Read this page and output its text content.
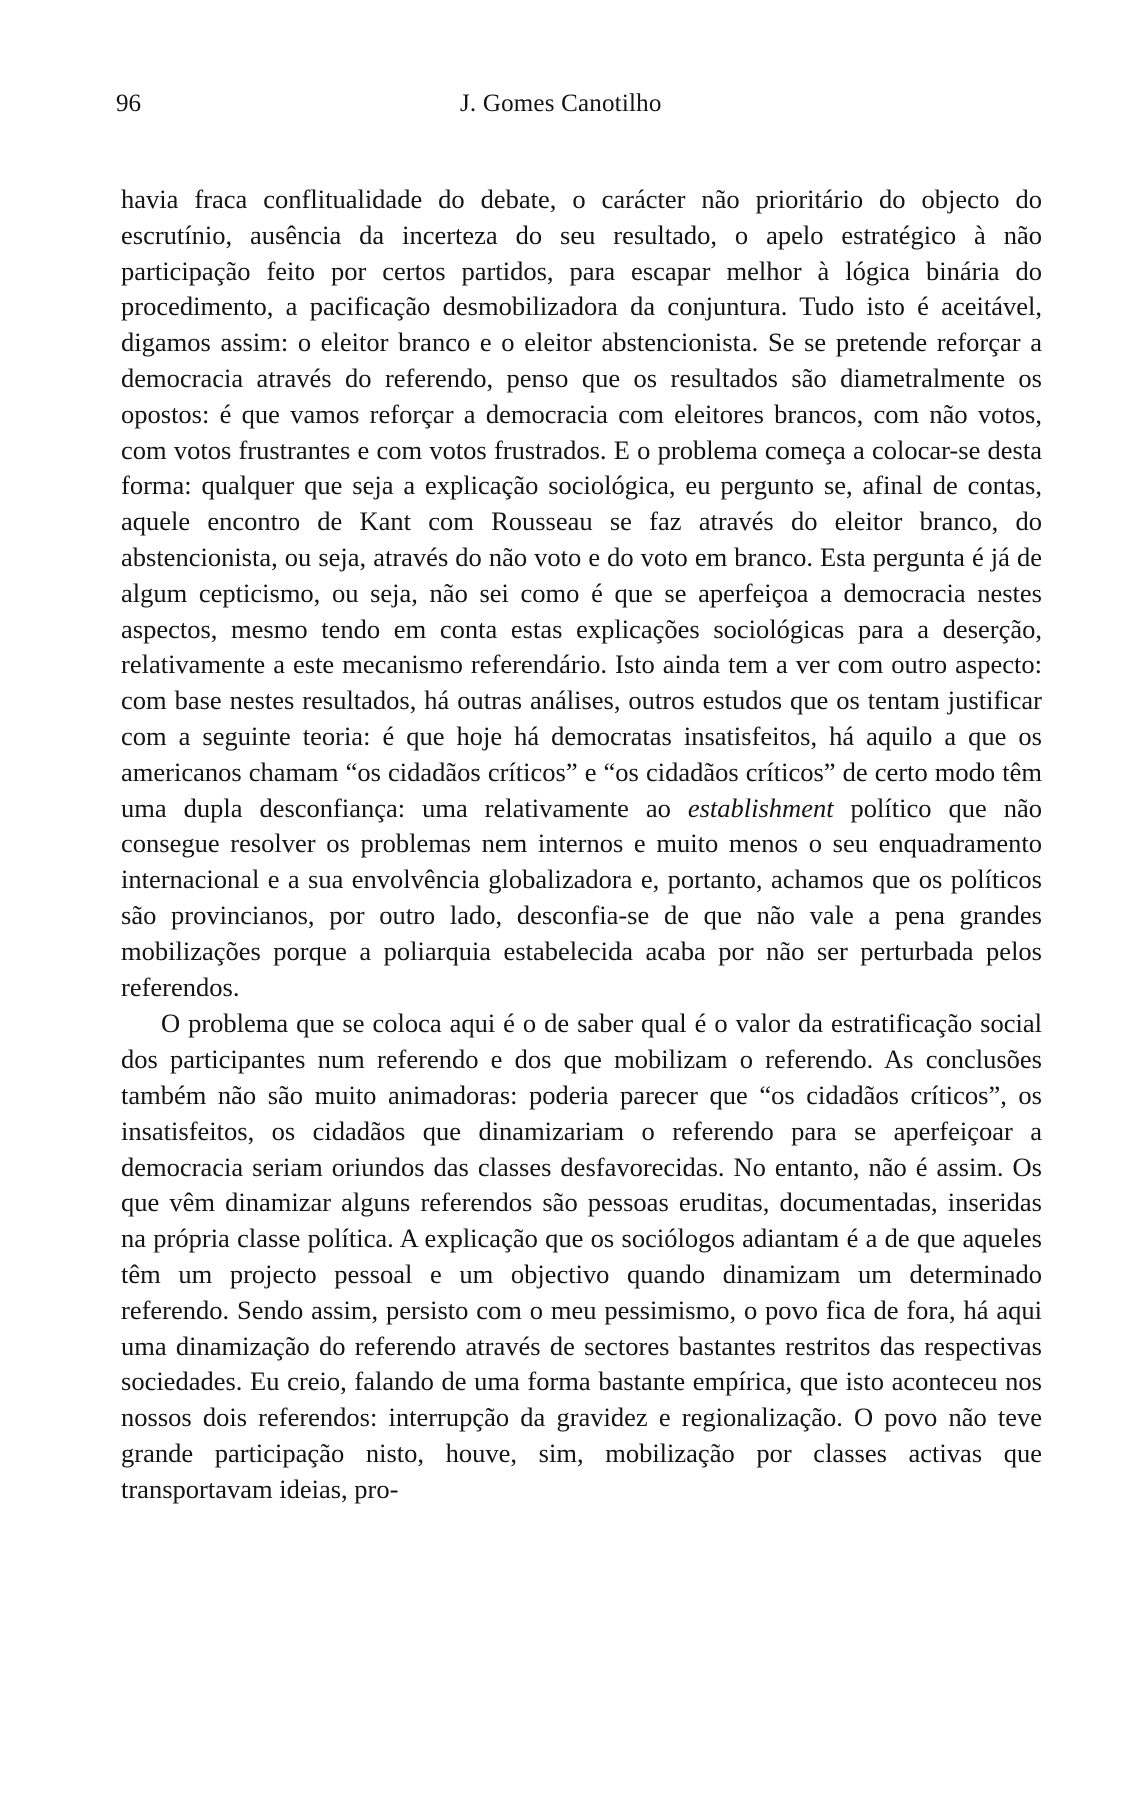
96	J. Gomes Canotilho

havia fraca conflitualidade do debate, o carácter não prioritário do objecto do escrutínio, ausência da incerteza do seu resultado, o apelo estratégico à não participação feito por certos partidos, para escapar melhor à lógica binária do procedimento, a pacificação desmobilizadora da conjuntura. Tudo isto é aceitável, digamos assim: o eleitor branco e o eleitor abstencionista. Se se pretende reforçar a democracia através do referendo, penso que os resultados são diametralmente os opostos: é que vamos reforçar a democracia com eleitores brancos, com não votos, com votos frustrantes e com votos frustrados. E o problema começa a colocar-se desta forma: qualquer que seja a explicação sociológica, eu pergunto se, afinal de contas, aquele encontro de Kant com Rousseau se faz através do eleitor branco, do abstencionista, ou seja, através do não voto e do voto em branco. Esta pergunta é já de algum cepticismo, ou seja, não sei como é que se aperfeiçoa a democracia nestes aspectos, mesmo tendo em conta estas explicações sociológicas para a deserção, relativamente a este mecanismo referendário. Isto ainda tem a ver com outro aspecto: com base nestes resultados, há outras análises, outros estudos que os tentam justificar com a seguinte teoria: é que hoje há democratas insatisfeitos, há aquilo a que os americanos chamam “os cidadãos críticos” e “os cidadãos críticos” de certo modo têm uma dupla desconfiança: uma relativamente ao establishment político que não consegue resolver os problemas nem internos e muito menos o seu enquadramento internacional e a sua envolvência globalizadora e, portanto, achamos que os políticos são provincianos, por outro lado, desconfia-se de que não vale a pena grandes mobilizações porque a poliarquia estabelecida acaba por não ser perturbada pelos referendos.

O problema que se coloca aqui é o de saber qual é o valor da estratificação social dos participantes num referendo e dos que mobilizam o referendo. As conclusões também não são muito animadoras: poderia parecer que “os cidadãos críticos”, os insatisfeitos, os cidadãos que dinamizariam o referendo para se aperfeiçoar a democracia seriam oriundos das classes desfavorecidas. No entanto, não é assim. Os que vêm dinamizar alguns referendos são pessoas eruditas, documentadas, inseridas na própria classe política. A explicação que os sociólogos adiantam é a de que aqueles têm um projecto pessoal e um objectivo quando dinamizam um determinado referendo. Sendo assim, persisto com o meu pessimismo, o povo fica de fora, há aqui uma dinamização do referendo através de sectores bastantes restritos das respectivas sociedades. Eu creio, falando de uma forma bastante empírica, que isto aconteceu nos nossos dois referendos: interrupção da gravidez e regionalização. O povo não teve grande participação nisto, houve, sim, mobilização por classes activas que transportavam ideias, pro-
